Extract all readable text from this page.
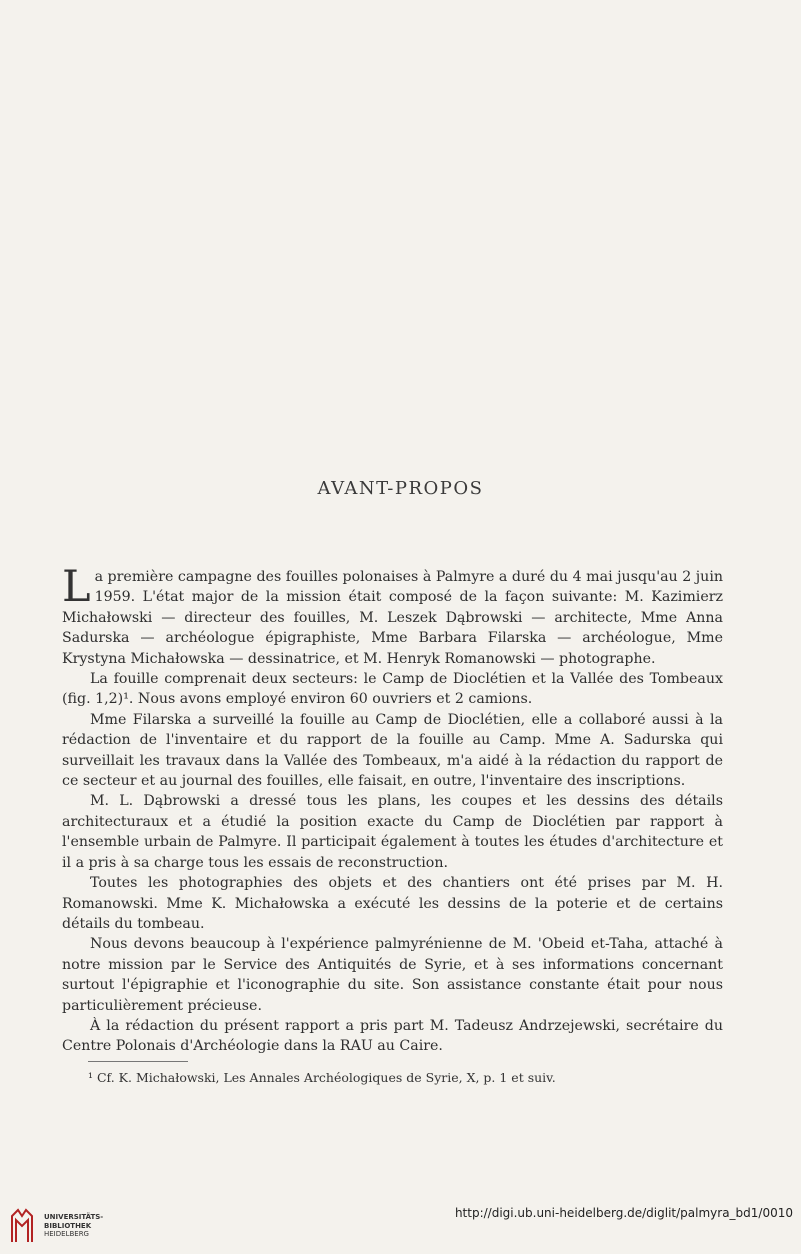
AVANT-PROPOS

La première campagne des fouilles polonaises à Palmyre a duré du 4 mai jusqu'au 2 juin 1959. L'état major de la mission était composé de la façon suivante: M. Kazimierz Michałowski — directeur des fouilles, M. Leszek Dąbrowski — architecte, Mme Anna Sadurska — archéologue épigraphiste, Mme Barbara Filarska — archéologue, Mme Krystyna Michałowska — dessinatrice, et M. Henryk Romanowski — photographe.

La fouille comprenait deux secteurs: le Camp de Dioclétien et la Vallée des Tombeaux (fig. 1,2)¹. Nous avons employé environ 60 ouvriers et 2 camions.

Mme Filarska a surveillé la fouille au Camp de Dioclétien, elle a collaboré aussi à la rédaction de l'inventaire et du rapport de la fouille au Camp. Mme A. Sadurska qui surveillait les travaux dans la Vallée des Tombeaux, m'a aidé à la rédaction du rapport de ce secteur et au journal des fouilles, elle faisait, en outre, l'inventaire des inscriptions.

M. L. Dąbrowski a dressé tous les plans, les coupes et les dessins des détails architecturaux et a étudié la position exacte du Camp de Dioclétien par rapport à l'ensemble urbain de Palmyre. Il participait également à toutes les études d'architecture et il a pris à sa charge tous les essais de reconstruction.

Toutes les photographies des objets et des chantiers ont été prises par M. H. Romanowski. Mme K. Michałowska a exécuté les dessins de la poterie et de certains détails du tombeau.

Nous devons beaucoup à l'expérience palmyrénienne de M. 'Obeid et-Taha, attaché à notre mission par le Service des Antiquités de Syrie, et à ses informations concernant surtout l'épigraphie et l'iconographie du site. Son assistance constante était pour nous particulièrement précieuse.

À la rédaction du présent rapport a pris part M. Tadeusz Andrzejewski, secrétaire du Centre Polonais d'Archéologie dans la RAU au Caire.

¹ Cf. K. Michałowski, Les Annales Archéologiques de Syrie, X, p. 1 et suiv.
UNIVERSITÄTS-
BIBLIOTHEK
HEIDELBERG
http://digi.ub.uni-heidelberg.de/diglit/palmyra_bd1/0010
